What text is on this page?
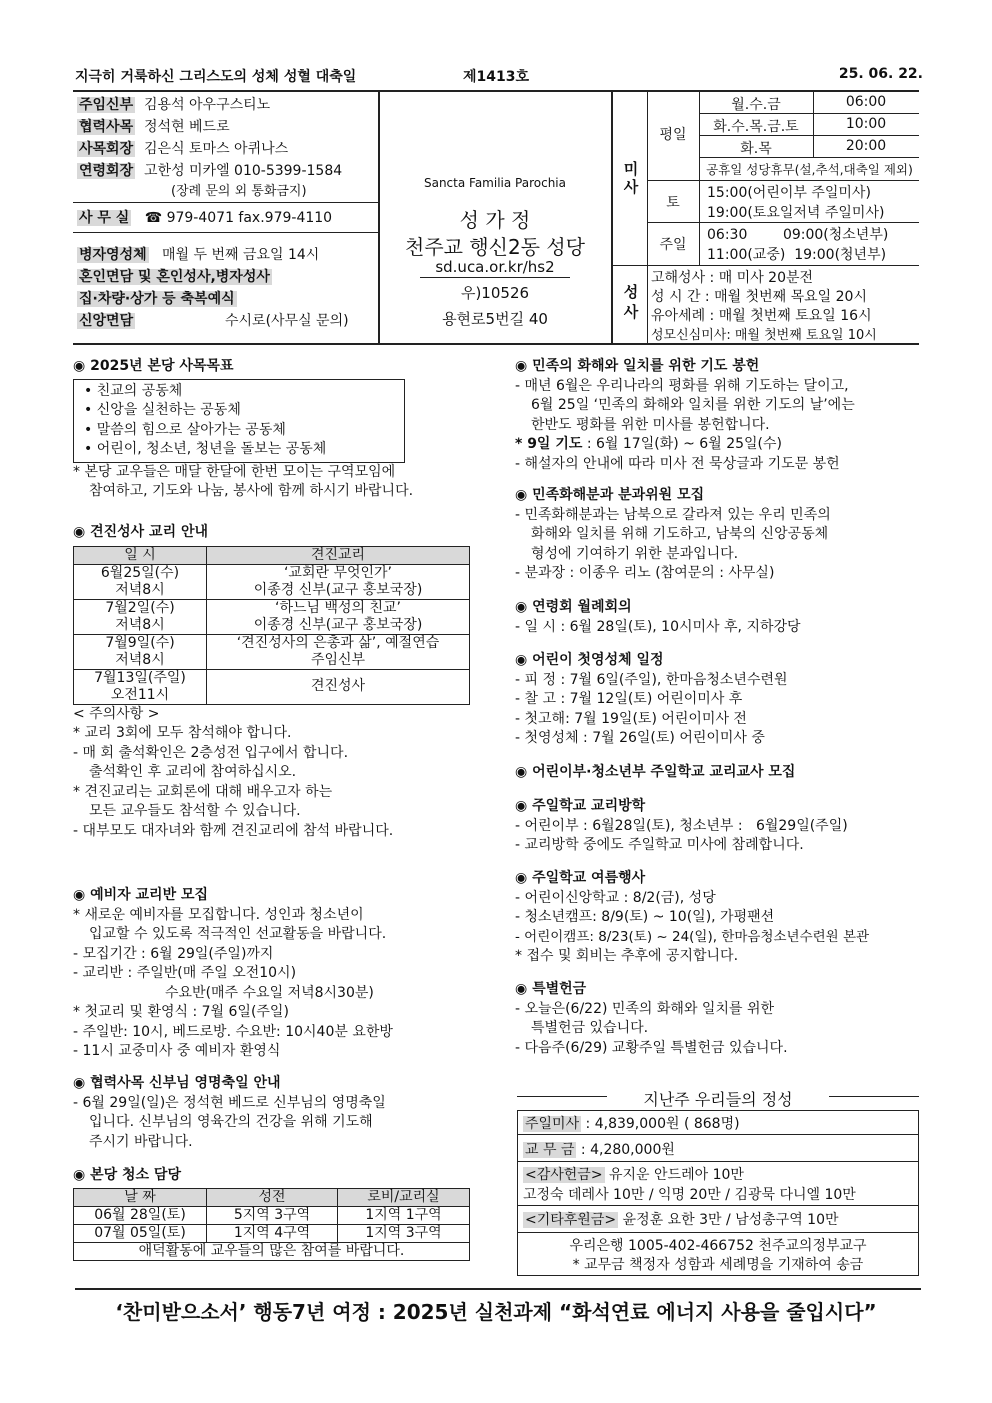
지극히 거룩하신 그리스도의 성체 성혈 대축일	제1413호	25. 06. 22.
주임신부 김용석 아우구스티노
협력사목 정석현 베드로
사목회장 김은식 토마스 아퀴나스
연령회장 고한성 미카엘 010-5399-1584
(장례 문의 외 통화금지)
사 무 실 ☎ 979-4071 fax.979-4110
병자영성체 매월 두 번째 금요일 14시
혼인면담 및 혼인성사,병자성사
집·차량·상가 등 축복예식
신앙면담	수시로(사무실 문의)
Sancta Familia Parochia
성 가 정
천주교 행신2동 성당
sd.uca.or.kr/hs2
우)10526
용현로5번길 40
미
사
평일
월.수.금	06:00
화.수.목.금.토	10:00
화.목	20:00
공휴일 성당휴무(설,추석,대축일 제외)
토
15:00(어린이부 주일미사)
19:00(토요일저녁 주일미사)
주일
06:30        09:00(청소년부)
11:00(교중)  19:00(청년부)
성
사
고해성사 : 매 미사 20분전
성 시 간 : 매월 첫번째 목요일 20시
유아세례 : 매월 첫번째 토요일 16시
성모신심미사: 매월 첫번째 토요일 10시

◉ 2025년 본당 사목목표

• 친교의 공동체

• 신앙을 실천하는 공동체

• 말씀의 힘으로 살아가는 공동체

• 어린이, 청소년, 청년을 돌보는 공동체

* 본당 교우들은 매달 한달에 한번 모이는 구역모임에

참여하고, 기도와 나눔, 봉사에 함께 하시기 바랍니다.

◉ 견진성사 교리 안내

일 시	견진교리
6월25일(수)
저녁8시	‘교회란 무엇인가’
이종경 신부(교구 홍보국장)
7월2일(수)
저녁8시	‘하느님 백성의 친교’
이종경 신부(교구 홍보국장)
7월9일(수)
저녁8시	‘견진성사의 은총과 삶’, 예절연습
주임신부
7월13일(주일)
오전11시	견진성사

< 주의사항 >

* 교리 3회에 모두 참석해야 합니다.

- 매 회 출석확인은 2층성전 입구에서 합니다.

출석확인 후 교리에 참여하십시오.

* 견진교리는 교회론에 대해 배우고자 하는

모든 교우들도 참석할 수 있습니다.

- 대부모도 대자녀와 함께 견진교리에 참석 바랍니다.

◉ 예비자 교리반 모집

* 새로운 예비자를 모집합니다. 성인과 청소년이

입교할 수 있도록 적극적인 선교활동을 바랍니다.

- 모집기간 : 6월 29일(주일)까지

- 교리반 : 주일반(매 주일 오전10시)

수요반(매주 수요일 저녁8시30분)

* 첫교리 및 환영식 : 7월 6일(주일)

- 주일반: 10시, 베드로방. 수요반: 10시40분 요한방

- 11시 교중미사 중 예비자 환영식

◉ 협력사목 신부님 영명축일 안내

- 6월 29일(일)은 정석현 베드로 신부님의 영명축일

입니다. 신부님의 영육간의 건강을 위해 기도해

주시기 바랍니다.

◉ 본당 청소 담당

날 짜	성전	로비/교리실
06월 28일(토)	5지역 3구역	1지역 1구역
07월 05일(토)	1지역 4구역	1지역 3구역
애덕활동에 교우들의 많은 참여를 바랍니다.		

◉ 민족의 화해와 일치를 위한 기도 봉헌

- 매년 6월은 우리나라의 평화를 위해 기도하는 달이고,

6월 25일 ‘민족의 화해와 일치를 위한 기도의 날’에는

한반도 평화를 위한 미사를 봉헌합니다.

* 9일 기도 : 6월 17일(화) ~ 6월 25일(수)

- 해설자의 안내에 따라 미사 전 묵상글과 기도문 봉헌

◉ 민족화해분과 분과위원 모집

- 민족화해분과는 남북으로 갈라져 있는 우리 민족의

화해와 일치를 위해 기도하고, 남북의 신앙공동체

형성에 기여하기 위한 분과입니다.

- 분과장 : 이종우 리노 (참여문의 : 사무실)

◉ 연령회 월례회의

- 일 시 : 6월 28일(토), 10시미사 후, 지하강당

◉ 어린이 첫영성체 일정

- 피 정 : 7월 6일(주일), 한마음청소년수련원

- 찰 고 : 7월 12일(토) 어린이미사 후

- 첫고해: 7월 19일(토) 어린이미사 전

- 첫영성체 : 7월 26일(토) 어린이미사 중

◉ 어린이부·청소년부 주일학교 교리교사 모집

◉ 주일학교 교리방학

- 어린이부 : 6월28일(토), 청소년부 :   6월29일(주일)

- 교리방학 중에도 주일학교 미사에 참례합니다.

◉ 주일학교 여름행사

- 어린이신앙학교 : 8/2(금), 성당

- 청소년캠프: 8/9(토) ~ 10(일), 가평팬션

- 어린이캠프: 8/23(토) ~ 24(일), 한마음청소년수련원 본관

* 접수 및 회비는 추후에 공지합니다.

◉ 특별헌금

- 오늘은(6/22) 민족의 화해와 일치를 위한

특별헌금 있습니다.

- 다음주(6/29) 교황주일 특별헌금 있습니다.

지난주 우리들의 정성
주일미사 : 4,839,000원 ( 868명)
교 무 금 : 4,280,000원
<감사헌금> 유지운 안드레아 10만
고정숙 데레사 10만 / 익명 20만 / 김광묵 다니엘 10만
<기타후원금> 윤정훈 요한 3만 / 남성총구역 10만
우리은행 1005-402-466752 천주교의정부교구
* 교무금 책정자 성함과 세례명을 기재하여 송금
‘찬미받으소서’ 행동7년 여정 : 2025년 실천과제 “화석연료 에너지 사용을 줄입시다”
